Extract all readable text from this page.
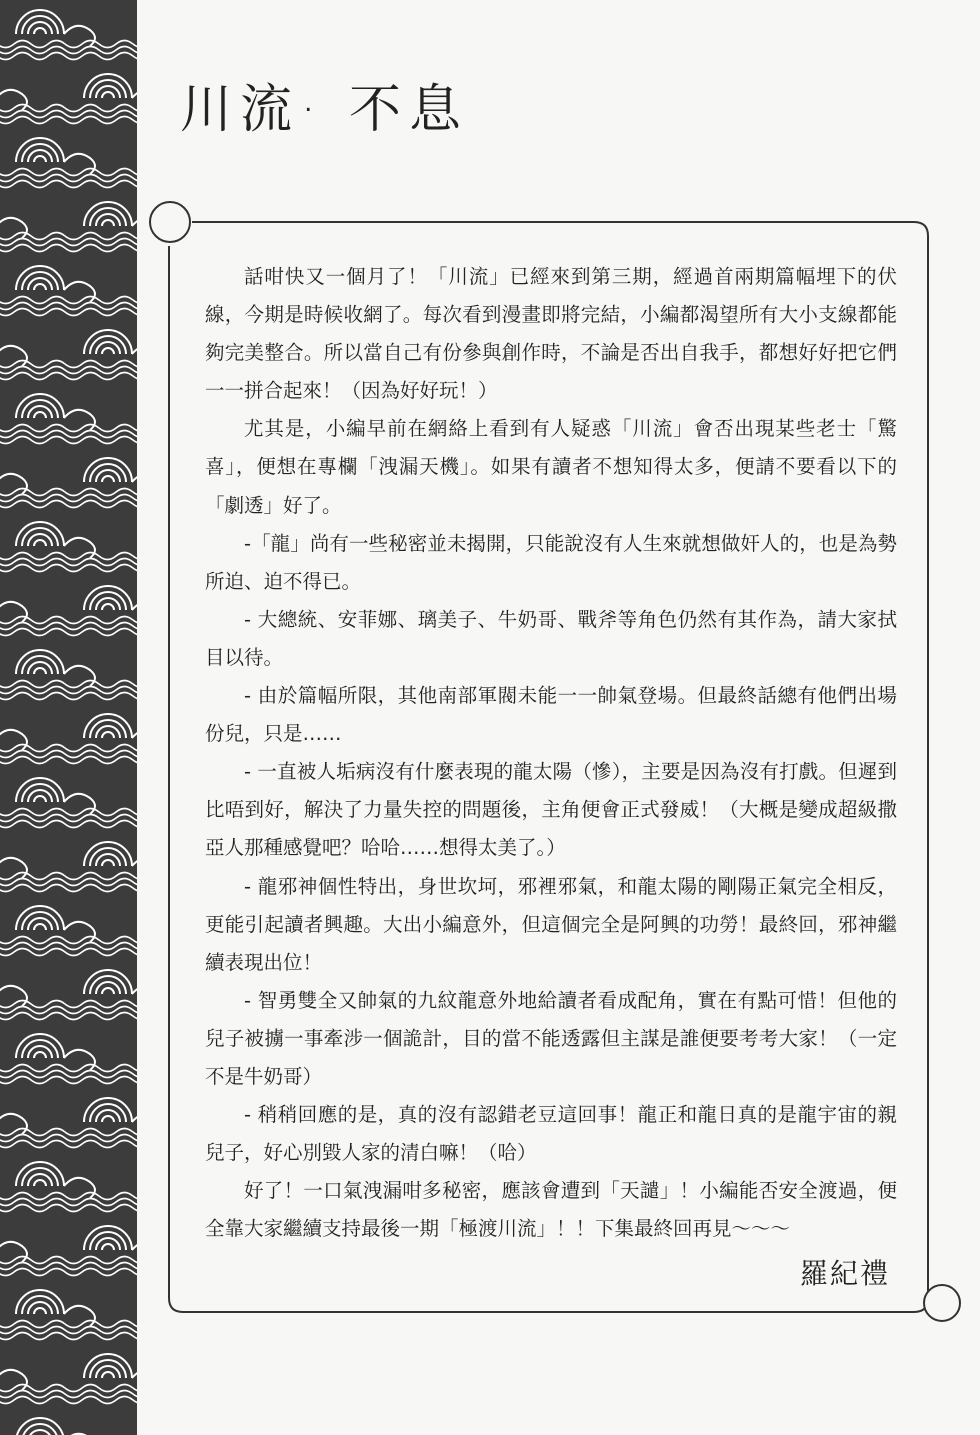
川流· 不息

話咁快又一個月了！「川流」已經來到第三期，經過首兩期篇幅埋下的伏線，今期是時候收網了。每次看到漫畫即將完結，小編都渴望所有大小支線都能夠完美整合。所以當自己有份參與創作時，不論是否出自我手，都想好好把它們一一拼合起來！（因為好好玩！）

尤其是，小編早前在網絡上看到有人疑惑「川流」會否出現某些老士「驚喜」，便想在專欄「洩漏天機」。如果有讀者不想知得太多，便請不要看以下的「劇透」好了。

-「龍」尚有一些秘密並未揭開，只能說沒有人生來就想做奸人的，也是為勢所迫、迫不得已。

- 大總統、安菲娜、璃美子、牛奶哥、戰斧等角色仍然有其作為，請大家拭目以待。

- 由於篇幅所限，其他南部軍閥未能一一帥氣登場。但最終話總有他們出場份兒，只是……

- 一直被人垢病沒有什麼表現的龍太陽（慘），主要是因為沒有打戲。但遲到比唔到好，解決了力量失控的問題後，主角便會正式發威！（大概是變成超級撒亞人那種感覺吧？哈哈……想得太美了。）

- 龍邪神個性特出，身世坎坷，邪裡邪氣，和龍太陽的剛陽正氣完全相反，更能引起讀者興趣。大出小編意外，但這個完全是阿興的功勞！最終回，邪神繼續表現出位！

- 智勇雙全又帥氣的九紋龍意外地給讀者看成配角，實在有點可惜！但他的兒子被擄一事牽涉一個詭計，目的當不能透露但主謀是誰便要考考大家！（一定不是牛奶哥）

- 稍稍回應的是，真的沒有認錯老豆這回事！龍正和龍日真的是龍宇宙的親兒子，好心別毀人家的清白嘛！（哈）

好了！一口氣洩漏咁多秘密，應該會遭到「天譴」！小編能否安全渡過，便全靠大家繼續支持最後一期「極渡川流」！！下集最終回再見～～～

羅紀禮
